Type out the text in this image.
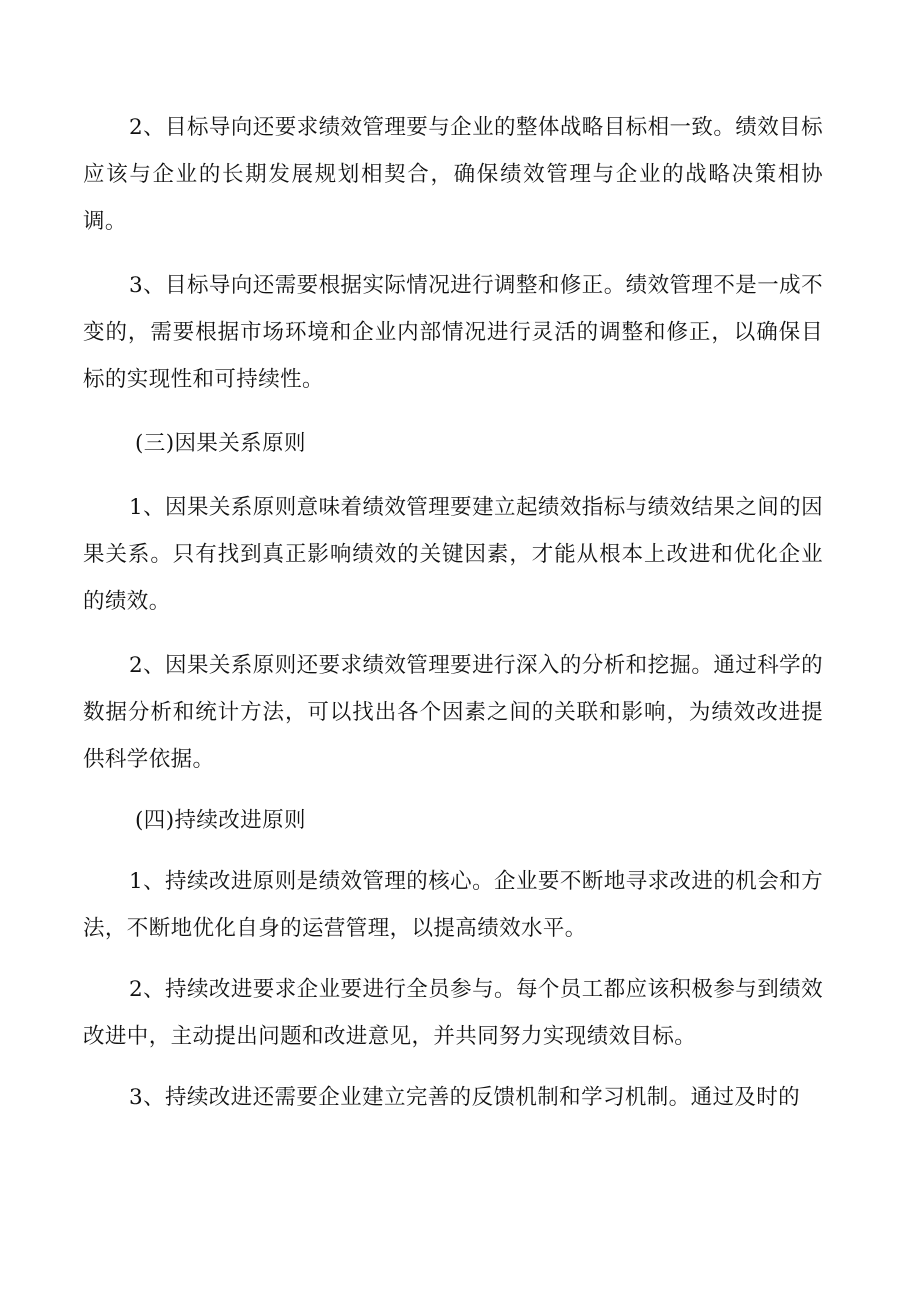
2、目标导向还要求绩效管理要与企业的整体战略目标相一致。绩效目标应该与企业的长期发展规划相契合，确保绩效管理与企业的战略决策相协调。

3、目标导向还需要根据实际情况进行调整和修正。绩效管理不是一成不变的，需要根据市场环境和企业内部情况进行灵活的调整和修正，以确保目标的实现性和可持续性。

(三)因果关系原则

1、因果关系原则意味着绩效管理要建立起绩效指标与绩效结果之间的因果关系。只有找到真正影响绩效的关键因素，才能从根本上改进和优化企业的绩效。

2、因果关系原则还要求绩效管理要进行深入的分析和挖掘。通过科学的数据分析和统计方法，可以找出各个因素之间的关联和影响，为绩效改进提供科学依据。

(四)持续改进原则

1、持续改进原则是绩效管理的核心。企业要不断地寻求改进的机会和方法，不断地优化自身的运营管理，以提高绩效水平。

2、持续改进要求企业要进行全员参与。每个员工都应该积极参与到绩效改进中，主动提出问题和改进意见，并共同努力实现绩效目标。

3、持续改进还需要企业建立完善的反馈机制和学习机制。通过及时的
